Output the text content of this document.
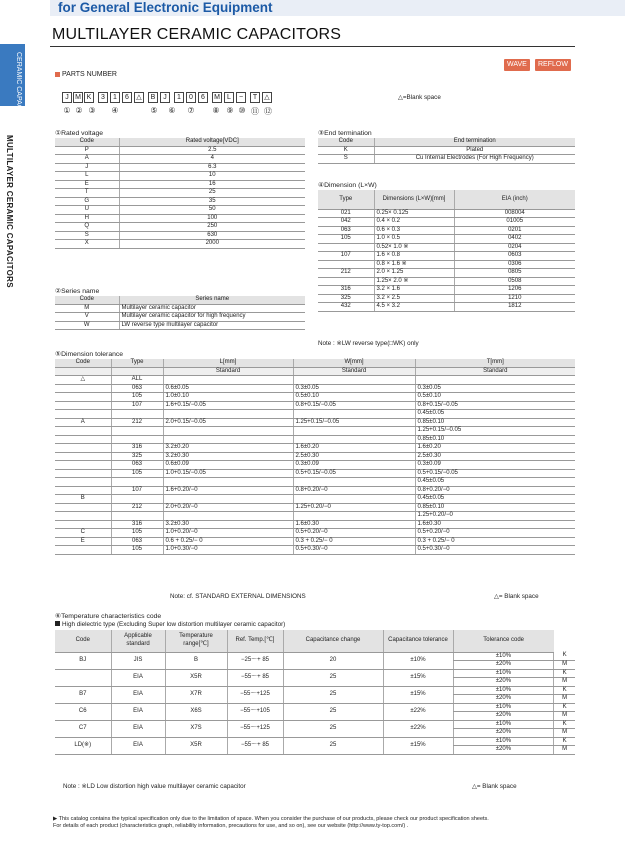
for General Electronic Equipment
MULTILAYER CERAMIC CAPACITORS
CERAMIC CAPACITORS
MULTILAYER CERAMIC CAPACITORS
WAVE	REFLOW
PARTS NUMBER
J M K	3	1	6	△	B	J	1	0	6	M	L	−	T	△
① ② ③	④	⑤	⑥	⑦	⑧ ⑨ ⑩ ⑪ ⑫
△=Blank space
①Rated voltage
Code	Rated voltage[VDC]
P	2.5
A	4
J	6.3
L	10
E	16
T	25
G	35
U	50
H	100
Q	250
S	630
X	2000
②Series name
Code	Series name
M	Multilayer ceramic capacitor
V	Multilayer ceramic capacitor for high frequency
W	LW reverse type multilayer capacitor
③End termination
Code	End termination
K	Plated
S	Cu Internal Electrodes (For High Frequency)
④Dimension (L×W)
Type	Dimensions (L×W)[mm]	EIA (inch)
021	0.25× 0.125	008004
042	0.4 × 0.2	01005
063	0.6 × 0.3	0201
105	1.0 × 0.5	0402
	0.52× 1.0 ※	0204
107	1.6 × 0.8	0603
	0.8 × 1.6 ※	0306
212	2.0 × 1.25	0805
	1.25× 2.0 ※	0508
316	3.2 × 1.6	1206
325	3.2 × 2.5	1210
432	4.5 × 3.2	1812
Note : ※LW reverse type(□WK) only
⑤Dimension tolerance
Code	Type	L[mm]	W[mm]	T[mm]
		Standard	Standard	Standard
△	ALL			
	063	0.6±0.05	0.3±0.05	0.3±0.05
	105	1.0±0.10	0.5±0.10	0.5±0.10
	107	1.6+0.15/−0.05	0.8+0.15/−0.05	0.8+0.15/−0.05
				0.45±0.05
A	212	2.0+0.15/−0.05	1.25+0.15/−0.05	0.85±0.10
				1.25+0.15/−0.05
				0.85±0.10
	316	3.2±0.20	1.6±0.20	1.6±0.20
	325	3.2±0.30	2.5±0.30	2.5±0.30
	063	0.6±0.09	0.3±0.09	0.3±0.09
	105	1.0+0.15/−0.05	0.5+0.15/−0.05	0.5+0.15/−0.05
				0.45±0.05
	107	1.6+0.20/−0	0.8+0.20/−0	0.8+0.20/−0
B				0.45±0.05
	212	2.0+0.20/−0	1.25+0.20/−0	0.85±0.10
				1.25+0.20/−0
	316	3.2±0.30	1.6±0.30	1.6±0.30
C	105	1.0+0.20/−0	0.5+0.20/−0	0.5+0.20/−0
E	063	0.6 + 0.25/− 0	0.3 + 0.25/− 0	0.3 + 0.25/− 0
	105	1.0+0.30/−0	0.5+0.30/−0	0.5+0.30/−0
Note: cf. STANDARD EXTERNAL DIMENSIONS	△= Blank space
⑥Temperature characteristics code
High dielectric type (Excluding Super low distortion multilayer ceramic capacitor)
Code	Applicable standard	Temperature range[℃]	Ref. Temp.[℃]	Capacitance change	Capacitance tolerance	Tolerance code	
BJ	JIS	B	−25〜+ 85	20	±10%	±10%	K
						±20%	M
	EIA	X5R	−55〜+ 85	25	±15%	±10%	K
						±20%	M
B7	EIA	X7R	−55〜+125	25	±15%	±10%	K
						±20%	M
C6	EIA	X6S	−55〜+105	25	±22%	±10%	K
						±20%	M
C7	EIA	X7S	−55〜+125	25	±22%	±10%	K
						±20%	M
LD(※)	EIA	X5R	−55〜+ 85	25	±15%	±10%	K
						±20%	M
Note : ※LD Low distortion high value multilayer ceramic capacitor	△= Blank space
▶ This catalog contains the typical specification only due to the limitation of space. When you consider the purchase of our products, please check our product specification sheets.
For details of each product (characteristics graph, reliability information, precautions for use, and so on), see our website (http://www.ty-top.com/) .
